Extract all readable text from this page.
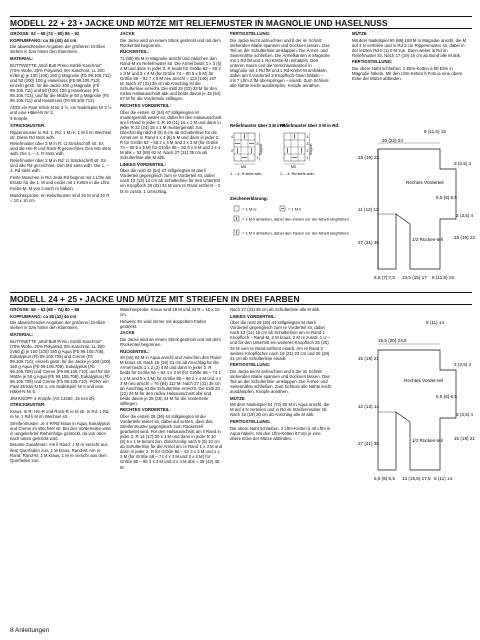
MODELL 22 + 23 • JACKE UND MÜTZE MIT RELIEFMUSTER IN MAGNOLIE UND HASELNUSS

GRÖSSE: 62 – 68 (74 – 80) 86 – 92

KOPFUMFANG: ca 36 (40) 44 cm

Die abweichenden Angaben der größeren Größen stehen in bzw hinter den Klammern.

MATERIAL:

BUTTINETTE „Woll Butt Primo Söckli Kaschmir" (70% Wolle, 25% Polyamid, 5% Kaschmir, LL 200 m/50 g) je 100 (100) 150 g Magnolie (Fb 99.105.711) und 50 (100) 100 g Haselnuss (Fb 99.105.713); einzeln gestr. für die Jacke 100 g Magnolie (Fb 99.105.711) und 50 (100) 100 g Haselnuss (Fb 99.105.713); und für die Mütze je 50 g Magnolie (Fb 99.105.711) und Haselnuss (Fb 99.105.713).

ADDI ein Paar Strick-N Nr 3 ½, ein Nadelspiel Nr 3 ½ und eine Häkel-N Nr 3.

3 Knöpfe.

STRICKMUSTER:

Rippenmuster in Rd: 1. Rd: 1 M re, 1 M li im Wechsel str. Diese Rd stets wdh.

Reliefmuster über 3 M in R: Lt Strickschrift str. Es sind die Hin-R und Rück-R gezeichnet. Den MS stets wdh. Die 1. – 4. R stets wdh.

Reliefmuster über 3 M in Rd: Lt Strickschrift str. Es sind alle Rd gezeichnet. Den MS stets wdh. Die 1. – 4. Rd stets wdh.

Feste Maschen in Rd: Jede Rd beginnt mit 1 Lftm als Ersatz für die 1. M und endet mit 1 Kettm in die Lftm.

Krebs-M: M von li nach re häkeln.

Maschenprobe: Im Reliefmuster sind 26 M und 40 R = 10 x 10 cm.

JACKE

Die Jacke wird an einem Stück gestrickt und mit dem Rückenteil begonnen.

RÜCKENTEIL:

71 (80) 89 M in Magnolie anschl und zwischen den Rand-M im Reliefmuster str. Die Armel beids 1 x 3 (5) 4 M und dann in jeder 2. R beids für Größe 62 – 68 2 x 3 M und 3 x 4 M (für Größe 74 – 80 5 x 5 M) für Größe 86 – 92 7 x 5 M neu anschl = 113 (140) 167 M. Nach 27 (31) 35 cm ab Anschlag ist die Schulterlinie erreicht. Die mittl 29 (32) 33 M für den rückw Halsausschnitt abk und beids davon je 42 (54) 67 M für die Vorderteile stilllegen.

RECHTES VORDERTEIL:

Über die ersten 42 (54) 67 stillgelegten M mustergemäß weiter str, dabei für den Halsausschnitt am li Rand in jeder 2. R 10 (11) 16 x 1 M und dann in jeder R 22 (24) 18 x 1 M mustergemäß zun. Gleichzeitig nach 8 (9) 9 cm ab Schulterlinie für die Armel am re Rand 1 x 4 (5) 5 M und dann in jeder 2. R für Größe 62 – 68 2 x 4 M und 3 x 3 M (für Größe 74 – 80 5 x 5 M) für Größe 86 – 92 6 x 5 M und 1 x 4 M abk = 53 (59) 62 M. Nach 27 (31) 35 cm ab Schulterlinie alle M abk.

LINKES VORDERTEIL:

Über die restl 42 (54) 67 stillgelegten M das li Vorderteil gegengleich zum re Vorderteil str, dabei nach 12 (13) 14 cm ab Schulterlinie für den Untertritt ein Knopfloch 28 (31) 34 M vom re Rand entfernt – 2 M re zusstr, 1 Umschlag.

FERTIGSTELLUNG:

Die Jacke leicht anfeuchten und lt der im Schnitt stehenden Maße spannen und trocknen lassen. Das Teil an der Schulterlinie umklappen. Die Ärmel- und Seitennähte schließen. Die Ärmelkanten in Magnolie mit 1 Rd fM und 1 Rd Krebs-M umhäkeln. Den unteren Saum und die Verschlusskanten in Magnolie mit 1 Rd fM und 1 Rd Krebs-M umhäkeln, dabei am li Vorderteil 2 Knopfloch-Ösen häkeln – mit 7 Lftm 2 fM überspringen – einarb. Zum Schluss alle Nähte leicht ausdämpfen. Knöpfe annähen.

MÜTZE

Mit dem Nadelspiel 90 (98) 108 M in Magnolie anschl, die M auf 4 N verteilen und in Rd 2 cm Rippenmuster str, dabei in der letzten Rd 0 (1) 0 M zun. Dann weiter in Rd im Reliefmuster str. Nach 17 (19) 19 cm ab Bund alle M abk.

FERTIGSTELLUNG:

Die obere Naht schließen. 2 Eltm-Ketten à 60 Eltm in Magnolie häkeln. Mit den Lftm-Ketten lt Foto je eine obere Ecke der Mütze abbinden.

Reliefmuster über 3 M in R:
4
3
2
1
Rapport
MS
1. – 4. R stets wdh.
Reliefmuster über 3 M in Rd:
4
3
2
1
Rapport
MS
1. – 4. Rd stets wdh.
Zeichenerklärung:
= 1 M re	= 1 M li
= 1 M li abheben, dabei den Faden vor der Arbeit langführen
= 1 M li abheben, dabei den Faden vor der Arbeit langführen
20 (22) 24
8 (11,5) 15
16 (19) 22
11 (12) 13
27 (31) 35
3 (3,5) 4
5,5 (6) 6,5
3 (3,5) 4
16 (19) 22
Rechtes Vorderteil
1/2 Rücken-teil
6,5 (7) 7,5 13,5 (15) 17 8 (11,5) 15
MODELL 24 + 25 • JACKE UND MÜTZE MIT STREIFEN IN DREI FARBEN

GRÖSSE: 56 – 62 (68 – 74) 80 – 86

KOPFUMFANG: ca 38 (42) 44 cm

Die abweichenden Angaben der größeren Größen stehen in bzw hinter den Klammern.

MATERIAL:

BUTTINETTE „Woll Butt Primo Söckli Kaschmir" (70% Wolle, 25% Polyamid, 5% Kaschmir, LL 200 m/50 g) je 100 (100) 150 g Aqua (Fb 99.105.708), Eukalyptus (Fb 99.105.709) und Creme (Fb 99.105.710); einzeln gestr. für die Jacke je 100 (100) 150 g Aqua (Fb 99.105.708), Eukalyptus (Fb 99.105.709) und Creme (Fb 99.105.710); und für die Mütze je 50 g Aqua (Fb 99.105.708), Eukalyptus (Fb 99.105.709) und Creme (Fb 99.105.710). PONY ein Paar Stricks-N Nr 4, ein Nadelspiel Nr 6 und eine Häkel-N Nr 5.

JIM KNOPF 4 Knöpfe (Art 13360, 15 mm Ø).

STRICKMUSTER:

Kraus: In R: Hin-R und Rück-R re M str. In Rd: 1 Rd re M, 1 Rd li M im Wechsel str.

Streifenmuster: Je 4 R/Rd kraus in Aqua, Eukalyptus und Creme im Wechsel str. Bei den Vorderteilen wird in umgekehrter Reihenfolge gestrickt, da von oben nach unten gestrickt wird.

Betonte Zunahmen: Am li Rand: 1 M re verschr aus dem Querfaden zun, 1 M kraus, Rand-M. Am re Rand: Rand-M, 1 M kraus, 1 M re verschr aus dem Querfaden zun.

Maschenprobe: Kraus sind 18 M und 34 R = 10 x 10 cm.

Hinweis: Es wird immer mit doppeltem Faden gestrickt.

JACKE

Die Jacke wird an einem Stück gestrickt und mit dem Rückenteil begonnen.

RÜCKENTEIL:

48 (56) 64 M in Aqua anschl und zwischen den Rand-M kraus str. Nach 15 (19) 21 cm ab Anschlag für die Armel beids 1 x 2 (2) 4 M und dann in jeder 2. R beids für Größe 56 – 62 4 x 3 M (für Größe 68 – 74 1 x 2 M und 5 x 3 M) für Größe 80 – 86 2 x 4 M und 4 x 3 M neu anschl = 76 (94) 112 M. Nach 27 (31) 35 cm ab Anschlag ist die Schulterlinie erreicht. Die mittl 20 (22) 24 M für den rückw Halsausschnitt abk und beids davon je 28 (36) 44 M für die Vorderteile stilllegen.

RECHTES VORDERTEIL:

Über die ersten 28 (36) 44 stillgelegten M die Vorderteile weiter str, dabei auf achten, dass das Streifenmuster gegengleich zum Rückenteil gearbeitet wird. Für den Halsausschnitt am li Rand in jeder 2. R 14 (17) 20 x 1 M und dann in jeder R 10 (8) 6 x 1 M betont zun. Gleichzeitig nach 9 (9) 10 cm ab Schulterlinie für die Armel am re Rand 1 x 3 M und dann in jeder 2. R für Größe 56 – 62 3 x 3 M und 1 x 2 M (für Größe 68 – 74 4 x 3 M und 2 x 2 M) für Größe 80 – 86 3 x 3 M und 3 x 4 M abk = 38 (42) 46 M.

Nach 27 (31) 35 cm ab Schulterlinie alle M abk.

LINKES VORDERTEIL:

Über die restl 28 (36) 44 stillgelegten M das li Vorderteil gegengleich zum re Vorderteil str, dabei nach 13 (14) 15 cm ab Schulterlinie am re Rand 1 Knopfloch – Rand-M, 2 M kraus, 2 M re zusstr, 1 U – und für den Untertritt ein weiteres Knopfloch 25 (25) 26 M vom re Rand entfernt einarb. Am re Rand 2 weitere Knopflöcher nach 19 (21) 23 cm und 25 (28) 31 cm ab Schulterlinie einarb.

FERTIGSTELLUNG:

Die Jacke leicht anfeuchten und lt der im Schnitt stehenden Maße spannen und trocknen lassen. Das Teil an der Schulterlinie umklappen. Die Ärmel- und Seitennähte schließen. Zum Schluss alle Nähte leicht ausdämpfen. Knöpfe annähen.

MÜTZE

Mit dem Nadelspiel 64 (72) 80 M in Aqua anschl, die M auf 4 N verteilen und in Rd im Streifenmuster str. Nach 18 (19) 20 cm ab Anschlag alle M abk.

FERTIGSTELLUNG:

Die obere Naht schließen. 2 Lftm-Ketten à 40 Lftm in Aqua häkeln. Mit den Lftm-Ketten lt Foto je eine obere Ecke der Mütze abbinden.

15,5 (20) 24,5
8 (11) 14
15 (18) 21
12 (13) 14
27 (31) 35
3 (3,5) 4
5,5 (6) 6,5
3 (3,5) 4
15 (18) 21
Rechtes Vorder-teil
1/2 Rücken-teil
5,5 (6) 6,5 13 (15,5) 17,5 8 (11) 14
8 Anleitungen
